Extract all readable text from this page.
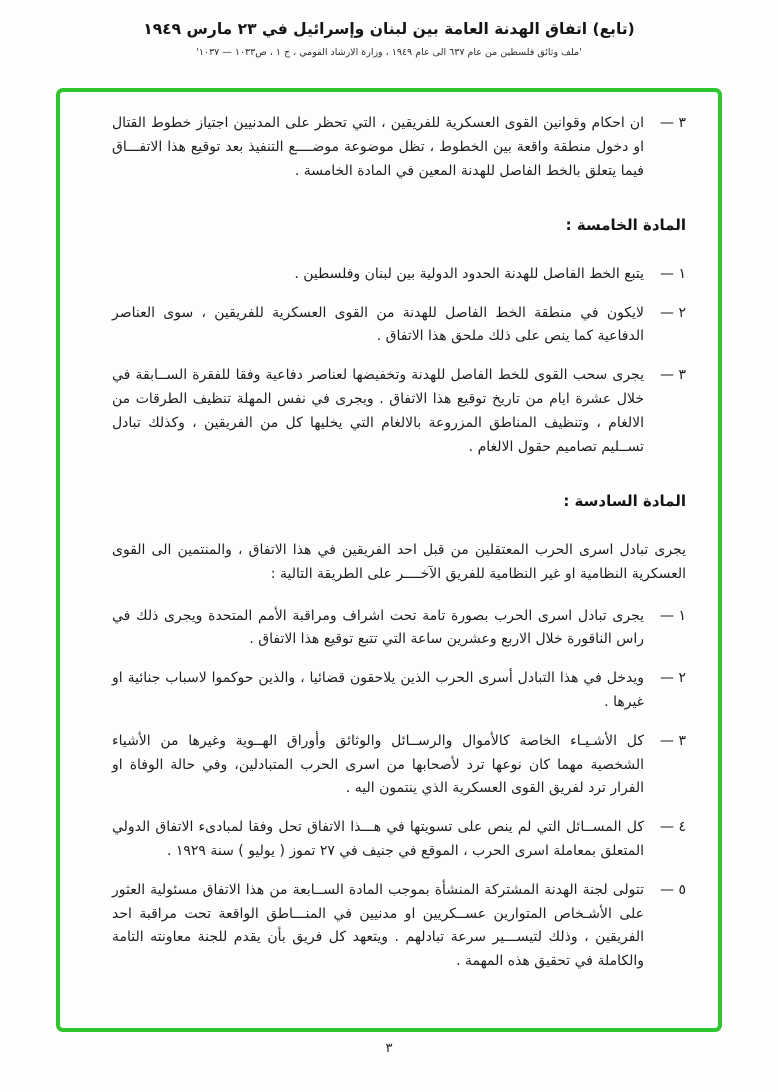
(تابع) اتفاق الهدنة العامة بين لبنان وإسرائيل في ٢٣ مارس ١٩٤٩

'ملف وثائق فلسطين من عام ٦٣٧ الى عام ١٩٤٩ ، وزارة الارشاد القومي ، ج ١ ، ص١٠٣٣ — ١٠٣٧'

٣ —
ان احكام وقوانين القوى العسكرية للفريقين ، التي تحظر على المدنيين اجتياز خطوط القتال او دخول منطقة واقعة بين الخطوط ، تظل موضوعة موضــــع التنفيذ بعد توقيع هذا الاتفـــاق فيما يتعلق بالخط الفاصل للهدنة المعين في المادة الخامسة .
المادة الخامسة :
١ —
يتبع الخط الفاصل للهدنة الحدود الدولية بين لبنان وفلسطين .
٢ —
لايكون في منطقة الخط الفاصل للهدنة من القوى العسكرية للفريقين ، سوى العناصر الدفاعية كما ينص على ذلك ملحق هذا الاتفاق .
٣ —
يجرى سحب القوى للخط الفاصل للهدنة وتخفيضها لعناصر دفاعية وفقا للفقرة الســابقة في خلال عشرة ايام من تاريخ توقيع هذا الاتفاق . ويجرى في نفس المهلة تنظيف الطرقات من الالغام ، وتنظيف المناطق المزروعة بالالغام التي يخليها كل من الفريقين ، وكذلك تبادل تســليم تصاميم حقول الالغام .
المادة السادسة :

يجرى تبادل اسرى الحرب المعتقلين من قبل احد الفريقين في هذا الاتفاق ، والمنتمين الى القوى العسكرية النظامية او غير النظامية للفريق الآخــــر على الطريقة التالية :

١ —
يجرى تبادل اسرى الحرب بصورة تامة تحت اشراف ومراقبة الأمم المتحدة ويجرى ذلك في راس الناقورة خلال الاربع وعشرين ساعة التي تتبع توقيع هذا الاتفاق .
٢ —
ويدخل في هذا التبادل أسرى الحرب الذين يلاحقون قضائيا ، والذين حوكموا لاسباب جنائية او غيرها .
٣ —
كل الأشـيـاء الخاصة كالأموال والرســائل والوثائق وأوراق الهــوية وغيرها من الأشياء الشخصية مهما كان نوعها ترد لأصحابها من اسرى الحرب المتبادلين، وفي حالة الوفاة او الفرار ترد لفريق القوى العسكرية الذي ينتمون اليه .
٤ —
كل المســائل التي لم ينص على تسويتها في هـــذا الاتفاق تحل وفقا لمبادىء الاتفاق الدولي المتعلق بمعاملة اسرى الحرب ، الموقع في جنيف في ٢٧ تموز ( يوليو ) سنة ١٩٢٩ .
٥ —
تتولى لجنة الهدنة المشتركة المنشأة بموجب المادة الســابعة من هذا الاتفاق مسئولية العثور على الأشـخاص المتوارين عســكريين او مدنيين في المنـــاطق الواقعة تحت مراقبة احد الفريقين ، وذلك لتيســـير سرعة تبادلهم . ويتعهد كل فريق بأن يقدم للجنة معاونته التامة والكاملة في تحقيق هذه المهمة .
٣
